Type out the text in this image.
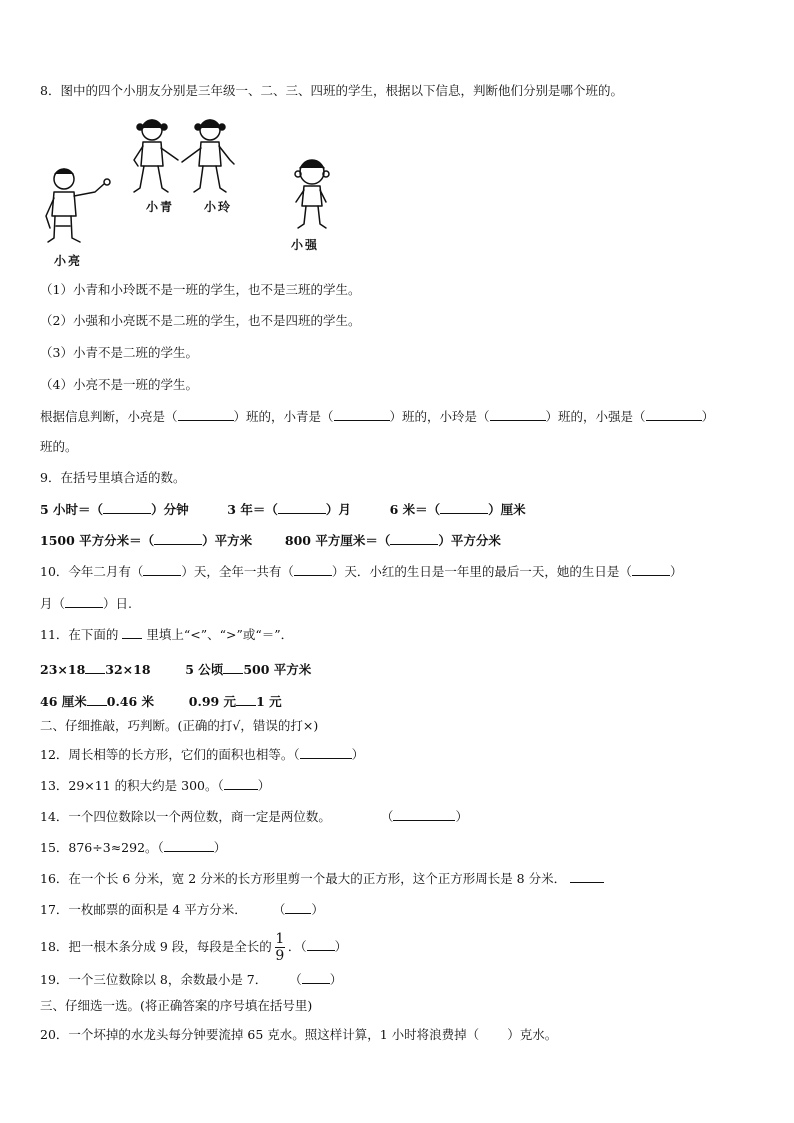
8．图中的四个小朋友分别是三年级一、二、三、四班的学生，根据以下信息，判断他们分别是哪个班的。
小青 小玲
小强
小亮
（1）小青和小玲既不是一班的学生，也不是三班的学生。
（2）小强和小亮既不是二班的学生，也不是四班的学生。
（3）小青不是二班的学生。
（4）小亮不是一班的学生。
根据信息判断，小亮是（	）班的，小青是（	）班的，小玲是（	）班的，小强是（	）
班的。
9．在括号里填合适的数。
5 小时＝（	）分钟	3 年＝（	）月	6 米＝（	）厘米
1500 平方分米＝（	）平方米	800 平方厘米＝（	）平方分米
10．今年二月有（	）天，全年一共有（	）天．小红的生日是一年里的最后一天，她的生日是（	）
月（	）日.
11．在下面的 里填上“<”、“>”或“＝”．
23×18 32×18	5 公顷 500 平方米
46 厘米 0.46 米	0.99 元 1 元
二、仔细推敲，巧判断。(正确的打√，错误的打×)
12．周长相等的长方形，它们的面积也相等。（	）
13．29×11 的积大约是 300。（	）
14．一个四位数除以一个两位数，商一定是两位数。	（	）
15．876÷3≈292。（	）
16．在一个长 6 分米，宽 2 分米的长方形里剪一个最大的正方形，这个正方形周长是 8 分米．
17．一枚邮票的面积是 4 平方分米． （ ）
18．把一根木条分成 9 段，每段是全长的 $\frac{1}{9}$ ．（ ）
19．一个三位数除以 8，余数最小是 7． （ ）
三、仔细选一选。(将正确答案的序号填在括号里)
20．一个坏掉的水龙头每分钟要流掉 65 克水。照这样计算，1 小时将浪费掉（ ）克水。
